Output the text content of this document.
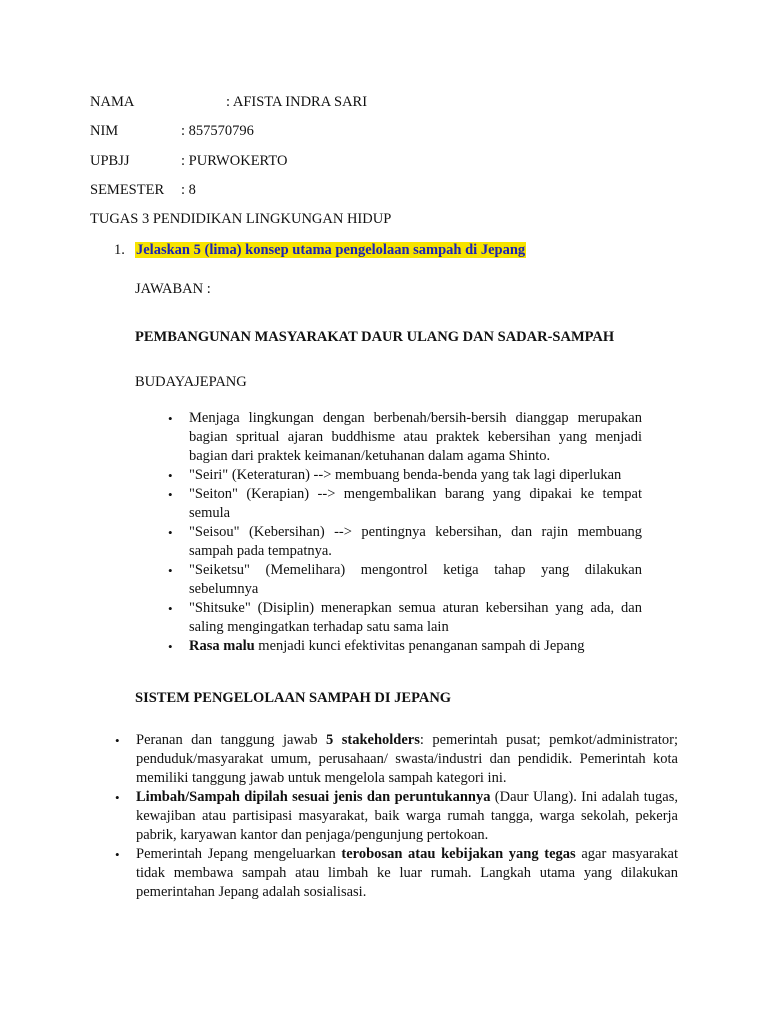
NAMA	: AFISTA INDRA SARI
NIM	: 857570796
UPBJJ	: PURWOKERTO
SEMESTER : 8
TUGAS 3 PENDIDIKAN LINGKUNGAN HIDUP
1. Jelaskan 5 (lima) konsep utama pengelolaan sampah di Jepang
JAWABAN :
PEMBANGUNAN MASYARAKAT DAUR ULANG DAN SADAR-SAMPAH
BUDAYAJEPANG
• Menjaga lingkungan dengan berbenah/bersih-bersih dianggap merupakan bagian spritual ajaran buddhisme atau praktek kebersihan yang menjadi bagian dari praktek keimanan/ketuhanan dalam agama Shinto.
• "Seiri" (Keteraturan) --> membuang benda-benda yang tak lagi diperlukan
• "Seiton" (Kerapian) --> mengembalikan barang yang dipakai ke tempat semula
• "Seisou" (Kebersihan) --> pentingnya kebersihan, dan rajin membuang sampah pada tempatnya.
• "Seiketsu" (Memelihara) mengontrol ketiga tahap yang dilakukan sebelumnya
• "Shitsuke" (Disiplin) menerapkan semua aturan kebersihan yang ada, dan saling mengingatkan terhadap satu sama lain
• Rasa malu menjadi kunci efektivitas penanganan sampah di Jepang
SISTEM PENGELOLAAN SAMPAH DI JEPANG
• Peranan dan tanggung jawab 5 stakeholders: pemerintah pusat; pemkot/administrator; penduduk/masyarakat umum, perusahaan/ swasta/industri dan pendidik. Pemerintah kota memiliki tanggung jawab untuk mengelola sampah kategori ini.
• Limbah/Sampah dipilah sesuai jenis dan peruntukannya (Daur Ulang). Ini adalah tugas, kewajiban atau partisipasi masyarakat, baik warga rumah tangga, warga sekolah, pekerja pabrik, karyawan kantor dan penjaga/pengunjung pertokoan.
• Pemerintah Jepang mengeluarkan terobosan atau kebijakan yang tegas agar masyarakat tidak membawa sampah atau limbah ke luar rumah. Langkah utama yang dilakukan pemerintahan Jepang adalah sosialisasi.
